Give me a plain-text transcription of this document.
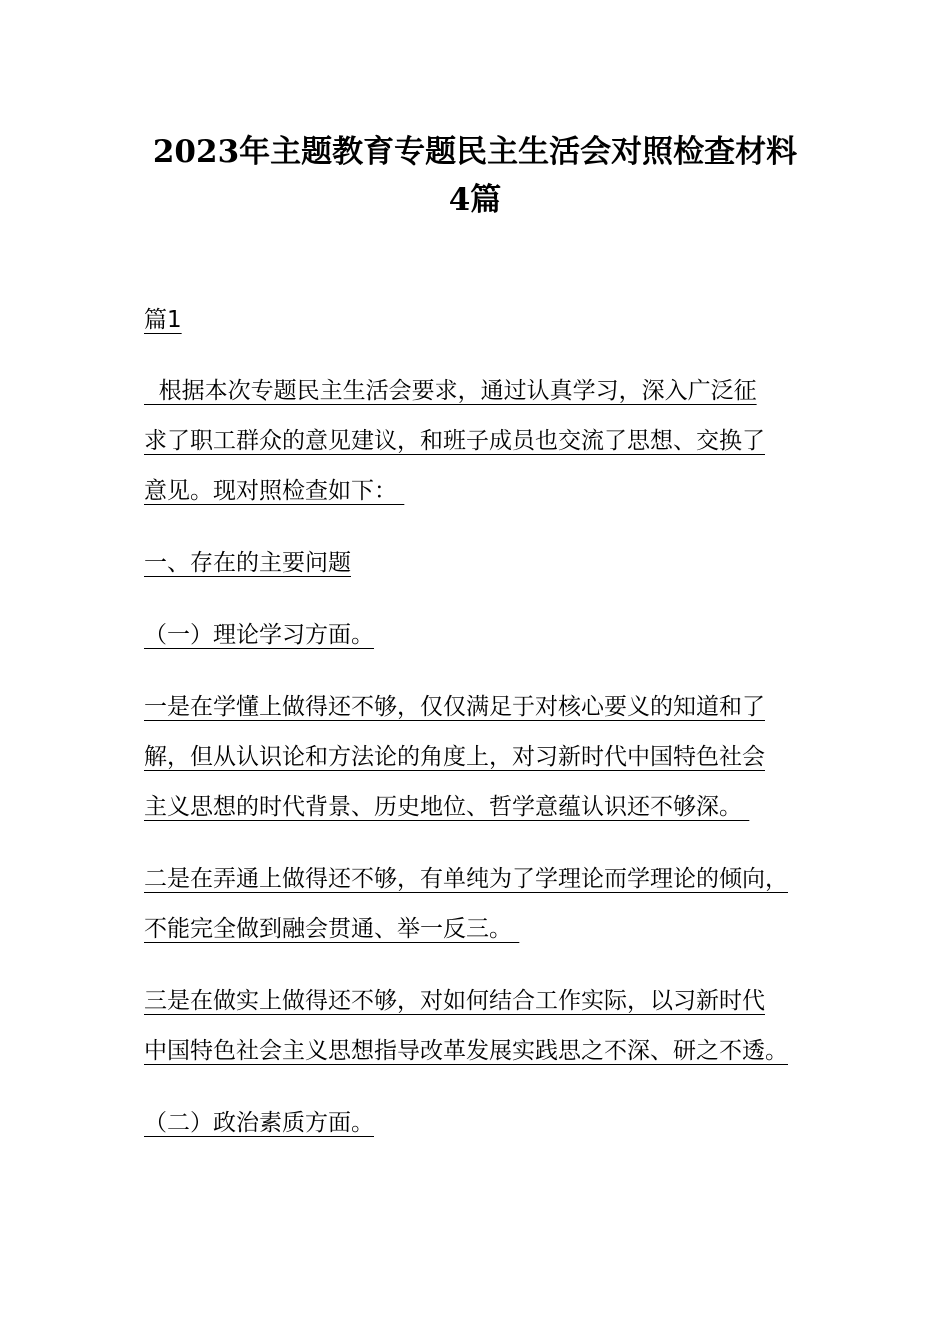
2023年主题教育专题民主生活会对照检查材料
4篇
篇1
根据本次专题民主生活会要求，通过认真学习，深入广泛征
求了职工群众的意见建议，和班子成员也交流了思想、交换了
意见。现对照检查如下：
一、存在的主要问题
（一）理论学习方面。
一是在学懂上做得还不够，仅仅满足于对核心要义的知道和了
解，但从认识论和方法论的角度上，对习新时代中国特色社会
主义思想的时代背景、历史地位、哲学意蕴认识还不够深。
二是在弄通上做得还不够，有单纯为了学理论而学理论的倾向，
不能完全做到融会贯通、举一反三。
三是在做实上做得还不够，对如何结合工作实际，以习新时代
中国特色社会主义思想指导改革发展实践思之不深、研之不透。
（二）政治素质方面。
